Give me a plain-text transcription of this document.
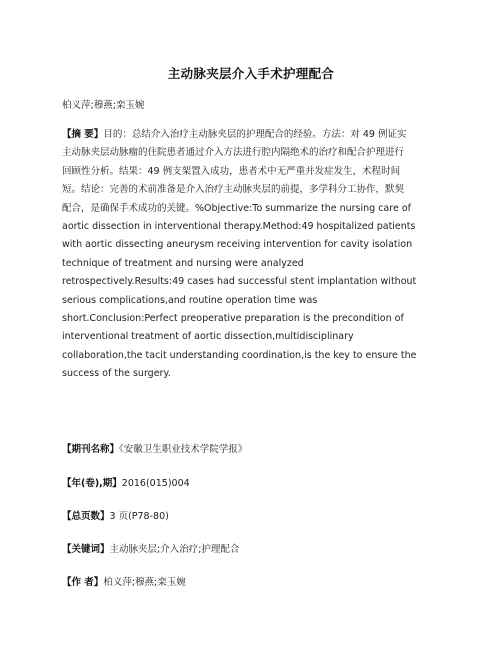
主动脉夹层介入手术护理配合
柏义萍;穆燕;栾玉婉
【摘 要】目的：总结介入治疗主动脉夹层的护理配合的经验。方法：对 49 例证实
主动脉夹层动脉瘤的住院患者通过介入方法进行腔内隔绝术的治疗和配合护理进行
回顾性分析。结果：49 例支架置入成功，患者术中无严重并发症发生，术程时间
短。结论：完善的术前准备是介入治疗主动脉夹层的前提，多学科分工协作，默契
配合，是确保手术成功的关键。%Objective:To summarize the nursing care of
aortic dissection in interventional therapy.Method:49 hospitalized patients
with aortic dissecting aneurysm receiving intervention for cavity isolation
technique of treatment and nursing were analyzed
retrospectively.Results:49 cases had successful stent implantation without
serious complications,and routine operation time was
short.Conclusion:Perfect preoperative preparation is the precondition of
interventional treatment of aortic dissection,multidisciplinary
collaboration,the tacit understanding coordination,is the key to ensure the
success of the surgery.
【期刊名称】《安徽卫生职业技术学院学报》
【年(卷),期】2016(015)004
【总页数】3 页(P78-80)
【关键词】主动脉夹层;介入治疗;护理配合
【作 者】柏义萍;穆燕;栾玉婉
